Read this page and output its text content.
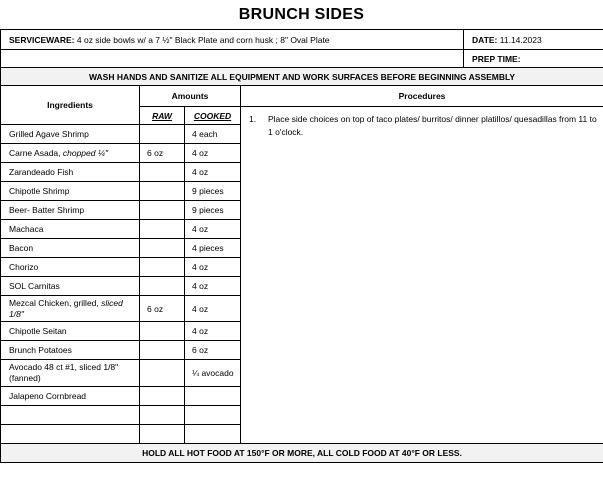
BRUNCH SIDES
SERVICEWARE: 4 oz side bowls w/ a 7 ½" Black Plate and corn husk ; 8" Oval Plate				DATE: 11.14.2023
				PREP TIME:
WASH HANDS AND SANITIZE ALL EQUIPMENT AND WORK SURFACES BEFORE BEGINNING ASSEMBLY				
Ingredients	Amounts		Procedures	
	RAW	COOKED	1. Place side choices on top of taco plates/ burritos/ dinner platillos/ quesadillas from 11 to 1 o'clock.	

Grilled Agave Shrimp		4 each		
Carne Asada, chopped ¼"	6 oz	4 oz		
Zarandeado Fish		4 oz		
Chipotle Shrimp		9 pieces		
Beer- Batter Shrimp		9 pieces		
Machaca		4 oz		
Bacon		4 pieces		
Chorizo		4 oz		
SOL Carnitas		4 oz		
Mezcal Chicken, grilled, sliced 1/8"	6 oz	4 oz		
Chipotle Seitan		4 oz		
Brunch Potatoes		6 oz		
Avocado 48 ct #1, sliced 1/8" (fanned)		¼ avocado		
Jalapeno Cornbread				

HOLD ALL HOT FOOD AT 150°F OR MORE, ALL COLD FOOD AT 40°F OR LESS.				
